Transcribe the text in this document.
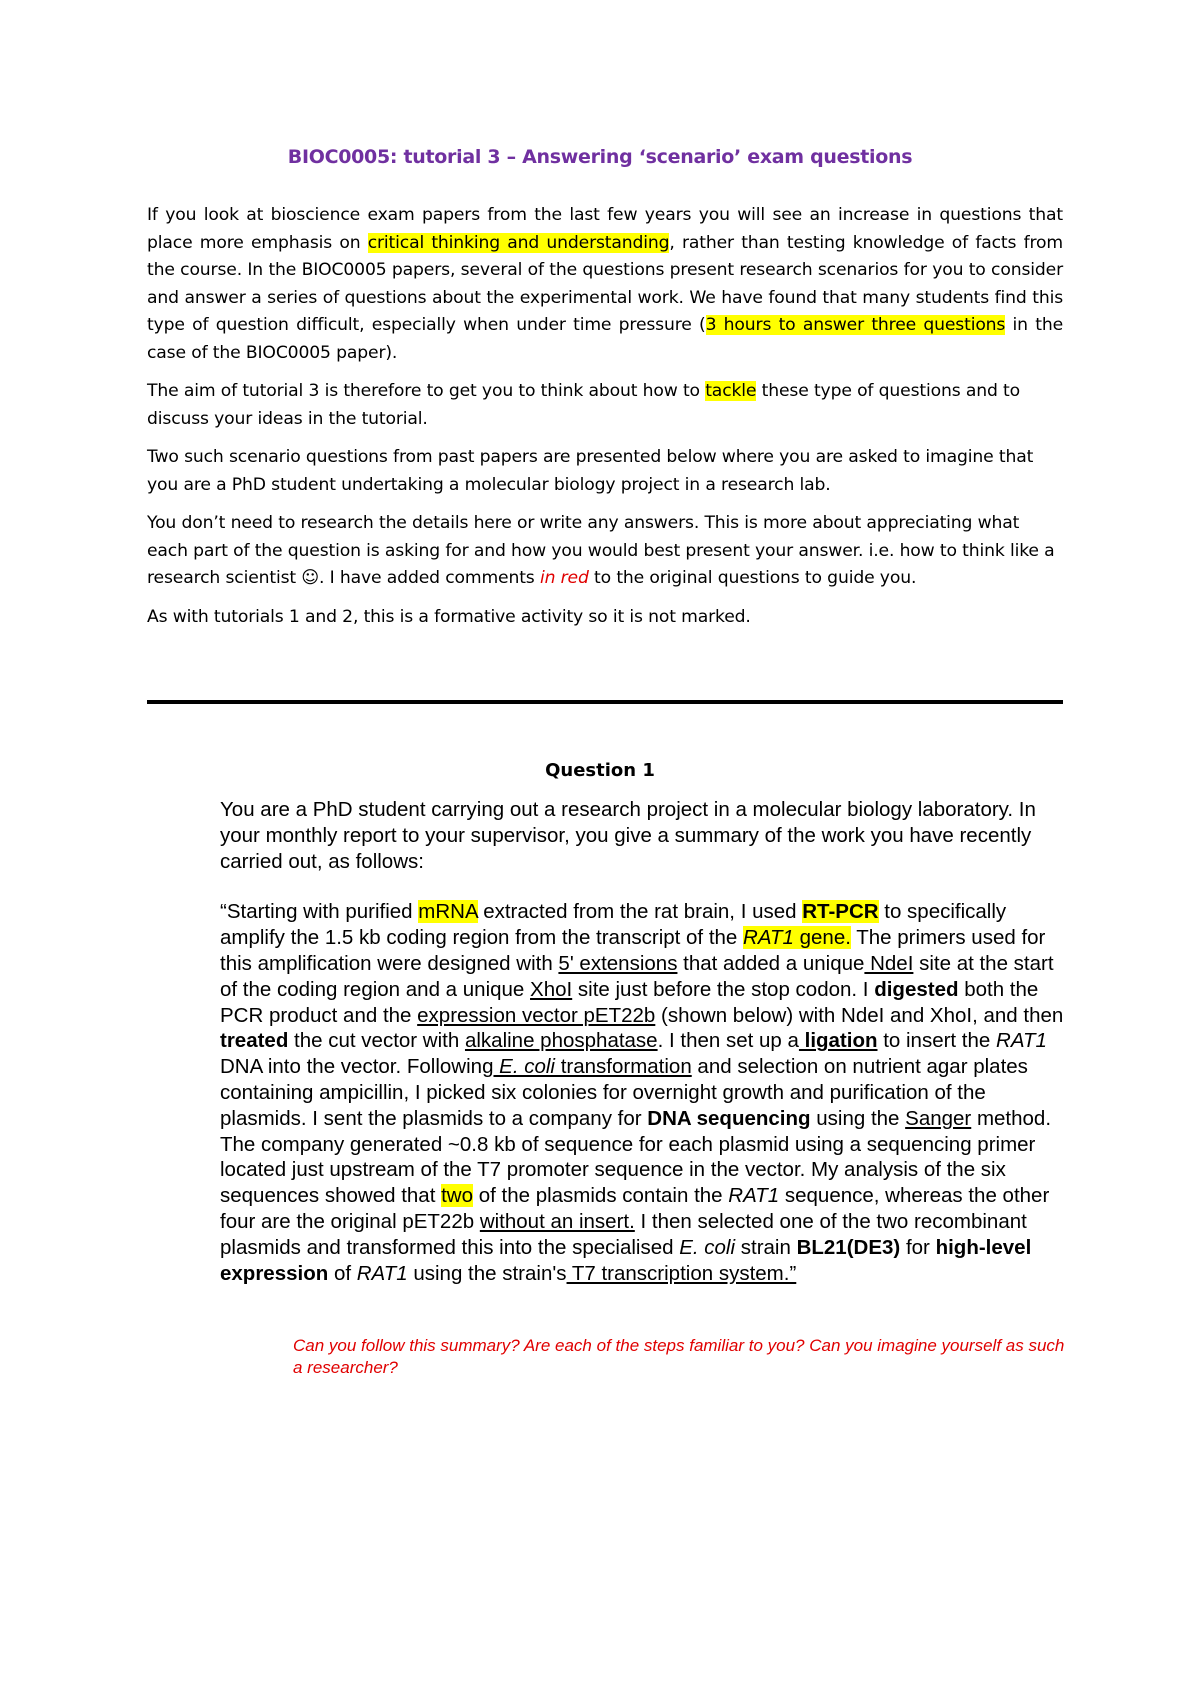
BIOC0005: tutorial 3 – Answering ‘scenario’ exam questions

If you look at bioscience exam papers from the last few years you will see an increase in questions that place more emphasis on critical thinking and understanding, rather than testing knowledge of facts from the course. In the BIOC0005 papers, several of the questions present research scenarios for you to consider and answer a series of questions about the experimental work. We have found that many students find this type of question difficult, especially when under time pressure (3 hours to answer three questions in the case of the BIOC0005 paper).

The aim of tutorial 3 is therefore to get you to think about how to tackle these type of questions and to discuss your ideas in the tutorial.

Two such scenario questions from past papers are presented below where you are asked to imagine that you are a PhD student undertaking a molecular biology project in a research lab.

You don’t need to research the details here or write any answers. This is more about appreciating what each part of the question is asking for and how you would best present your answer. i.e. how to think like a research scientist ☺. I have added comments in red to the original questions to guide you.

As with tutorials 1 and 2, this is a formative activity so it is not marked.

Question 1

You are a PhD student carrying out a research project in a molecular biology laboratory. In your monthly report to your supervisor, you give a summary of the work you have recently carried out, as follows:

“Starting with purified mRNA extracted from the rat brain, I used RT-PCR to specifically amplify the 1.5 kb coding region from the transcript of the RAT1 gene. The primers used for this amplification were designed with 5' extensions that added a unique NdeI site at the start of the coding region and a unique XhoI site just before the stop codon. I digested both the PCR product and the expression vector pET22b (shown below) with NdeI and XhoI, and then treated the cut vector with alkaline phosphatase. I then set up a ligation to insert the RAT1 DNA into the vector. Following E. coli transformation and selection on nutrient agar plates containing ampicillin, I picked six colonies for overnight growth and purification of the plasmids. I sent the plasmids to a company for DNA sequencing using the Sanger method. The company generated ~0.8 kb of sequence for each plasmid using a sequencing primer located just upstream of the T7 promoter sequence in the vector. My analysis of the six sequences showed that two of the plasmids contain the RAT1 sequence, whereas the other four are the original pET22b without an insert. I then selected one of the two recombinant plasmids and transformed this into the specialised E. coli strain BL21(DE3) for high-level expression of RAT1 using the strain's T7 transcription system.”

Can you follow this summary? Are each of the steps familiar to you? Can you imagine yourself as such a researcher?
